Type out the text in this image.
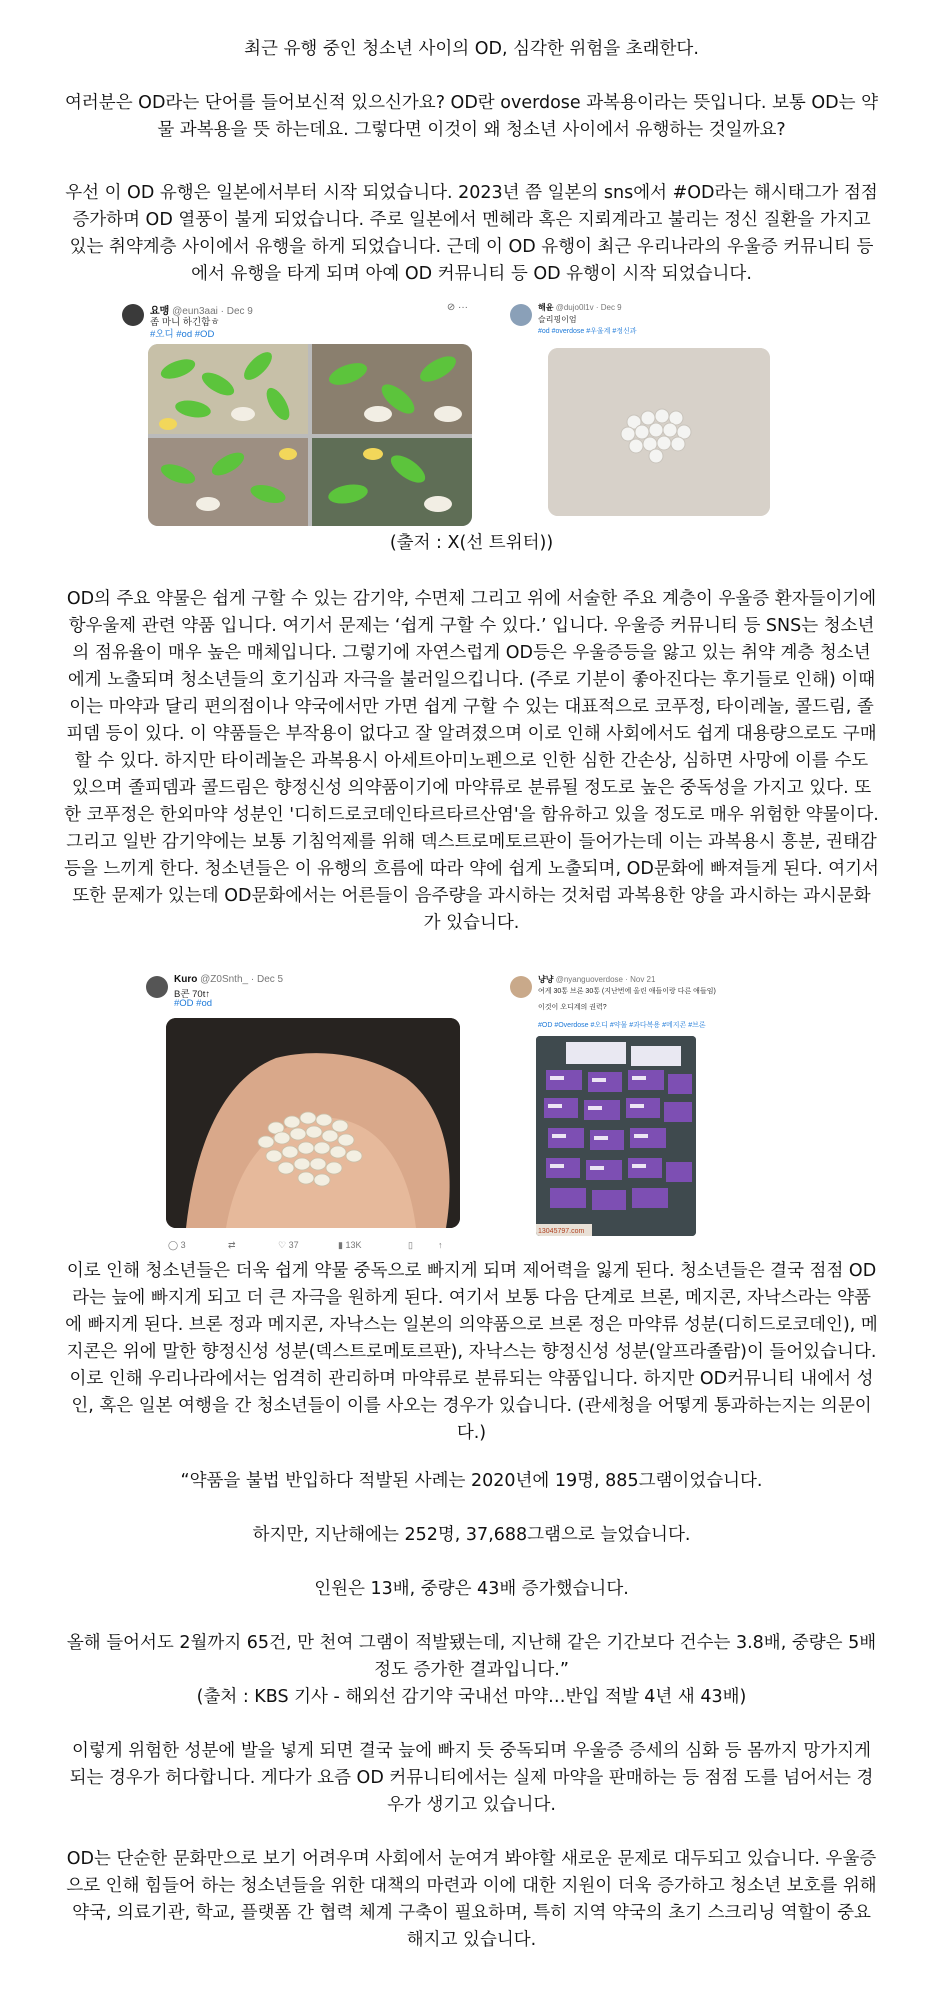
최근 유행 중인 청소년 사이의 OD, 심각한 위험을 초래한다.

여러분은 OD라는 단어를 들어보신적 있으신가요? OD란 overdose 과복용이라는 뜻입니다. 보통 OD는 약물 과복용을 뜻 하는데요. 그렇다면 이것이 왜 청소년 사이에서 유행하는 것일까요?

우선 이 OD 유행은 일본에서부터 시작 되었습니다. 2023년 쯤 일본의 sns에서 #OD라는 해시태그가 점점 증가하며 OD 열풍이 불게 되었습니다. 주로 일본에서 멘헤라 혹은 지뢰계라고 불리는 정신 질환을 가지고 있는 취약계층 사이에서 유행을 하게 되었습니다. 근데 이 OD 유행이 최근 우리나라의 우울증 커뮤니티 등에서 유행을 타게 되며 아예 OD 커뮤니티 등 OD 유행이 시작 되었습니다.

요맹 @eun3aai · Dec 9
좀 마니 하긴함ㅎ
#오디 #od #OD
⊘ ···	해윤 @dujo0l1v · Dec 9
슬리핑이엄
#od #overdose #우울계 #정신과
(출저 : X(선 트위터))

OD의 주요 약물은 쉽게 구할 수 있는 감기약, 수면제 그리고 위에 서술한 주요 계층이 우울증 환자들이기에 항우울제 관련 약품 입니다. 여기서 문제는 ‘쉽게 구할 수 있다.’ 입니다. 우울증 커뮤니티 등 SNS는 청소년의 점유율이 매우 높은 매체입니다. 그렇기에 자연스럽게 OD등은 우울증등을 앓고 있는 취약 계층 청소년에게 노출되며 청소년들의 호기심과 자극을 불러일으킵니다. (주로 기분이 좋아진다는 후기들로 인해) 이때 이는 마약과 달리 편의점이나 약국에서만 가면 쉽게 구할 수 있는 대표적으로 코푸정, 타이레놀, 콜드림, 졸피뎀 등이 있다. 이 약품들은 부작용이 없다고 잘 알려졌으며 이로 인해 사회에서도 쉽게 대용량으로도 구매 할 수 있다. 하지만 타이레놀은 과복용시 아세트아미노펜으로 인한 심한 간손상, 심하면 사망에 이를 수도 있으며 졸피뎀과 콜드림은 향정신성 의약품이기에 마약류로 분류될 정도로 높은 중독성을 가지고 있다. 또한 코푸정은 한외마약 성분인 '디히드로코데인타르타르산염'을 함유하고 있을 정도로 매우 위험한 약물이다. 그리고 일반 감기약에는 보통 기침억제를 위해 덱스트로메토르판이 들어가는데 이는 과복용시 흥분, 권태감등을 느끼게 한다. 청소년들은 이 유행의 흐름에 따라 약에 쉽게 노출되며, OD문화에 빠져들게 된다. 여기서 또한 문제가 있는데 OD문화에서는 어른들이 음주량을 과시하는 것처럼 과복용한 양을 과시하는 과시문화가 있습니다.

Kuro @Z0Snth_ · Dec 5
B콘 70t↑
#OD #od
◯ 3	⇄	♡ 37	▮ 13K	▯	↑
냥냥 @nyanguoverdose · Nov 21
여게 30통 브론 30통 (지난번에 올린 애들이랑 다른 애들임)
이것이 오디계의 권력?
#OD #Overdose #오디 #약물 #과다복용 #메지콘 #브론
13045797.com

이로 인해 청소년들은 더욱 쉽게 약물 중독으로 빠지게 되며 제어력을 잃게 된다. 청소년들은 결국 점점 OD라는 늪에 빠지게 되고 더 큰 자극을 원하게 된다. 여기서 보통 다음 단계로 브론, 메지콘, 자낙스라는 약품에 빠지게 된다. 브론 정과 메지콘, 자낙스는 일본의 의약품으로 브론 정은 마약류 성분(디히드로코데인), 메지콘은 위에 말한 향정신성 성분(덱스트로메토르판), 자낙스는 향정신성 성분(알프라졸람)이 들어있습니다. 이로 인해 우리나라에서는 엄격히 관리하며 마약류로 분류되는 약품입니다. 하지만 OD커뮤니티 내에서 성인, 혹은 일본 여행을 간 청소년들이 이를 사오는 경우가 있습니다. (관세청을 어떻게 통과하는지는 의문이다.)

“약품을 불법 반입하다 적발된 사례는 2020년에 19명, 885그램이었습니다.

하지만, 지난해에는 252명, 37,688그램으로 늘었습니다.

인원은 13배, 중량은 43배 증가했습니다.

올해 들어서도 2월까지 65건, 만 천여 그램이 적발됐는데, 지난해 같은 기간보다 건수는 3.8배, 중량은 5배 정도 증가한 결과입니다.”

(출처 : KBS 기사 - 해외선 감기약 국내선 마약…반입 적발 4년 새 43배)

이렇게 위험한 성분에 발을 넣게 되면 결국 늪에 빠지 듯 중독되며 우울증 증세의 심화 등 몸까지 망가지게 되는 경우가 허다합니다. 게다가 요즘 OD 커뮤니티에서는 실제 마약을 판매하는 등 점점 도를 넘어서는 경우가 생기고 있습니다.

OD는 단순한 문화만으로 보기 어려우며 사회에서 눈여겨 봐야할 새로운 문제로 대두되고 있습니다. 우울증으로 인해 힘들어 하는 청소년들을 위한 대책의 마련과 이에 대한 지원이 더욱 증가하고 청소년 보호를 위해 약국, 의료기관, 학교, 플랫폼 간 협력 체계 구축이 필요하며, 특히 지역 약국의 초기 스크리닝 역할이 중요해지고 있습니다.
